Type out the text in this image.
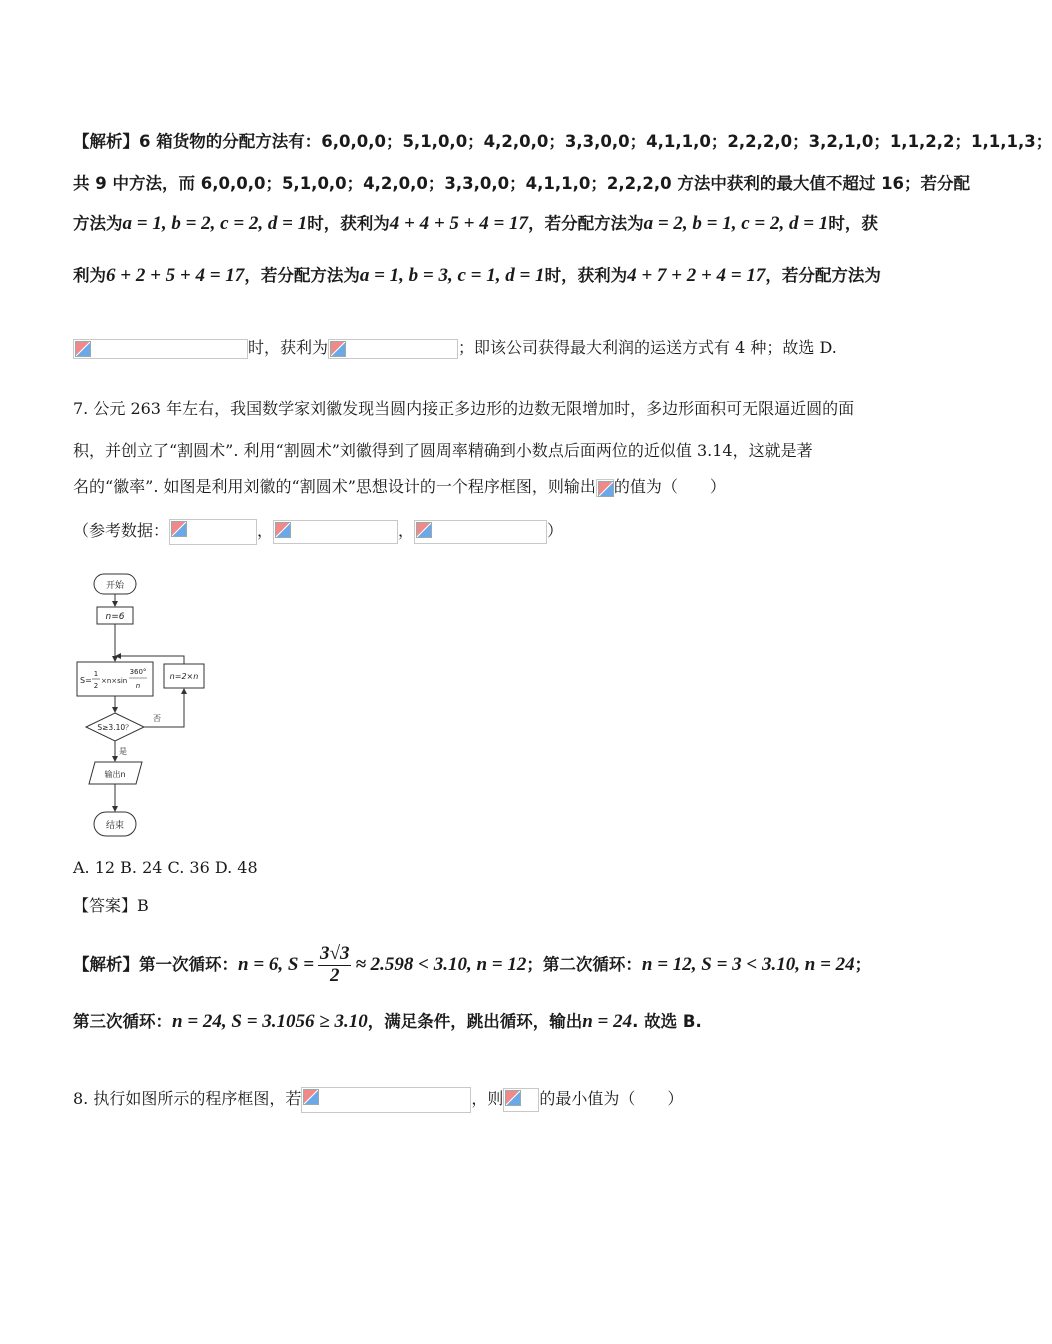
【解析】6 箱货物的分配方法有：6,0,0,0；5,1,0,0；4,2,0,0；3,3,0,0；4,1,1,0；2,2,2,0；3,2,1,0；1,1,2,2；1,1,1,3；
共 9 中方法，而 6,0,0,0；5,1,0,0；4,2,0,0；3,3,0,0；4,1,1,0；2,2,2,0 方法中获利的最大值不超过 16；若分配
方法为a = 1, b = 2, c = 2, d = 1时，获利为4 + 4 + 5 + 4 = 17，若分配方法为a = 2, b = 1, c = 2, d = 1时，获
利为6 + 2 + 5 + 4 = 17，若分配方法为a = 1, b = 3, c = 1, d = 1时，获利为4 + 7 + 2 + 4 = 17，若分配方法为
时，获利为	；即该公司获得最大利润的运送方式有 4 种；故选 D.
7. 公元 263 年左右，我国数学家刘徽发现当圆内接正多边形的边数无限增加时，多边形面积可无限逼近圆的面
积，并创立了“割圆术”. 利用“割圆术”刘徽得到了圆周率精确到小数点后面两位的近似值 3.14，这就是著
名的“徽率”. 如图是利用刘徽的“割圆术”思想设计的一个程序框图，则输出 的值为（　　）
（参考数据：	，	，	）
开始
n=6
S=
1
2
×n×sin
360°
n
n=2×n
S≥3.10？
否
是
输出n
结束
A. 12 B. 24 C. 36 D. 48
【答案】B
【解析】第一次循环：n = 6, $S = \frac{3√3}{2} \approx 2.598 < 3.10$, n = 12；第二次循环：n = 12, S = 3 < 3.10, n = 24；
第三次循环：n = 24, S = 3.1056 ≥ 3.10，满足条件，跳出循环，输出n = 24. 故选 B.
8. 执行如图所示的程序框图，若	，则 的最小值为（　　）
